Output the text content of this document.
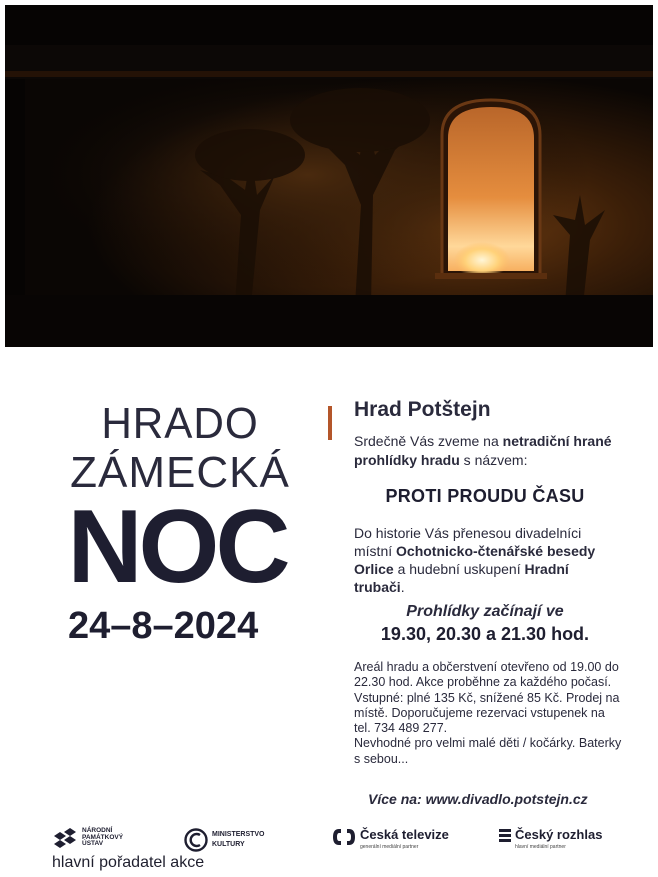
HRADO
ZÁMECKÁ
NOC
24–8–2024
Hrad Potštejn
Srdečně Vás zveme na netradiční hrané prohlídky hradu s názvem:
PROTI PROUDU ČASU
Do historie Vás přenesou divadelníci místní Ochotnicko-čtenářské besedy Orlice a hudební uskupení Hradní trubači.
Prohlídky začínají ve
19.30, 20.30 a 21.30 hod.

Areál hradu a občerstvení otevřeno od 19.00 do 22.30 hod. Akce proběhne za každého počasí.

Vstupné: plné 135 Kč, snížené 85 Kč. Prodej na místě. Doporučujeme rezervaci vstupenek na tel. 734 489 277.

Nevhodné pro velmi malé děti / kočárky. Baterky s sebou...

Více na: www.divadlo.potstejn.cz
NÁRODNÍ
PAMÁTKOVÝ
ÚSTAV
hlavní pořadatel akce
MINISTERSTVO
KULTURY
Česká televize
generální mediální partner
Český rozhlas
hlavní mediální partner
